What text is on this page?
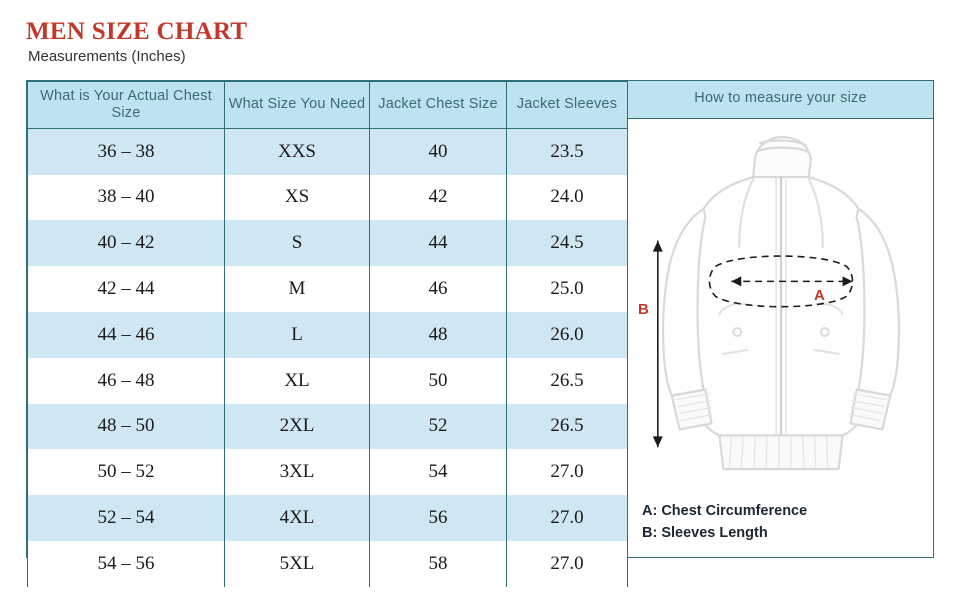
MEN SIZE CHART
Measurements (Inches)
What is Your Actual Chest Size	What Size You Need	Jacket Chest Size	Jacket Sleeves
36 – 38	XXS	40	23.5
38 – 40	XS	42	24.0
40 – 42	S	44	24.5
42 – 44	M	46	25.0
44 – 46	L	48	26.0
46 – 48	XL	50	26.5
48 – 50	2XL	52	26.5
50 – 52	3XL	54	27.0
52 – 54	4XL	56	27.0
54 – 56	5XL	58	27.0
How to measure your size
A
B
A: Chest Circumference
B: Sleeves Length
